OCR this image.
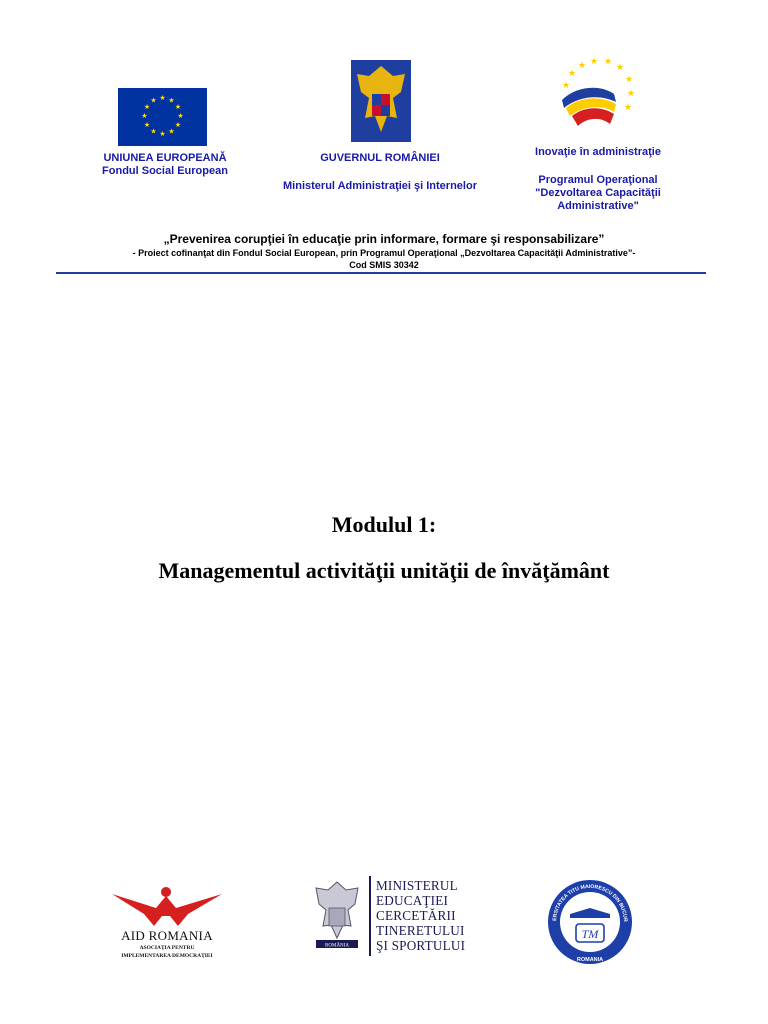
★ ★
★
★
★
★
★
★
★
★
★
★
UNIUNEA EUROPEANĂ
Fondul Social European
GUVERNUL ROMÂNIEI
Ministerul Administraţiei şi Internelor
★ ★
★
★
★
★
★
★
★
Inovaţie în administraţie
Programul Operaţional
"Dezvoltarea Capacităţii
Administrative"
„Prevenirea corupţiei în educaţie prin informare, formare şi responsabilizare”
- Proiect cofinanţat din Fondul Social European, prin Programul Operaţional „Dezvoltarea Capacităţii Administrative”-
Cod SMIS 30342
Modulul 1:
Managementul activităţii unităţii de învăţământ
AID ROMANIA
ASOCIAŢIA PENTRU
IMPLEMENTAREA DEMOCRAŢIEI
ROMÂNIA
MINISTERUL
EDUCAŢIEI
CERCETĂRII
TINERETULUI
ŞI SPORTULUI
ERSITATEA TITU MAIORESCU DIN BUCUR
ROMANIA
TM
